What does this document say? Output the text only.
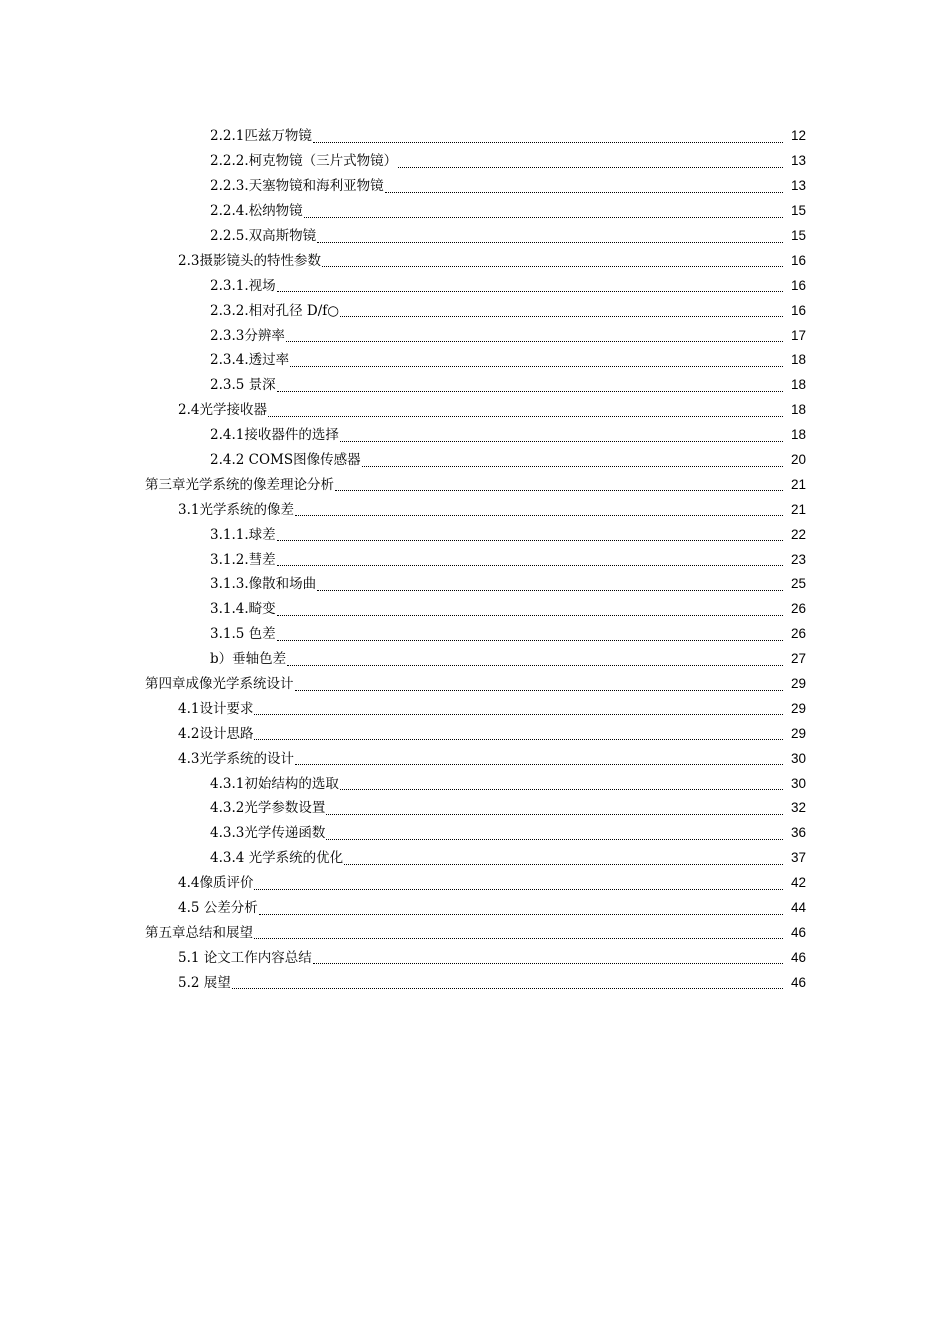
2.2.1匹兹万物镜	12
2.2.2.柯克物镜（三片式物镜）	13
2.2.3.天塞物镜和海利亚物镜	13
2.2.4.松纳物镜	15
2.2.5.双高斯物镜	15
2.3摄影镜头的特性参数	16
2.3.1.视场	16
2.3.2.相对孔径 D/f○	16
2.3.3分辨率	17
2.3.4.透过率	18
2.3.5 景深	18
2.4光学接收器	18
2.4.1接收器件的选择	18
2.4.2 COMS图像传感器	20
第三章光学系统的像差理论分析	21
3.1光学系统的像差	21
3.1.1.球差	22
3.1.2.彗差	23
3.1.3.像散和场曲	25
3.1.4.畸变	26
3.1.5 色差	26
b）垂轴色差	27
第四章成像光学系统设计	29
4.1设计要求	29
4.2设计思路	29
4.3光学系统的设计	30
4.3.1初始结构的选取	30
4.3.2光学参数设置	32
4.3.3光学传递函数	36
4.3.4 光学系统的优化	37
4.4像质评价	42
4.5 公差分析	44
第五章总结和展望	46
5.1 论文工作内容总结	46
5.2 展望	46
